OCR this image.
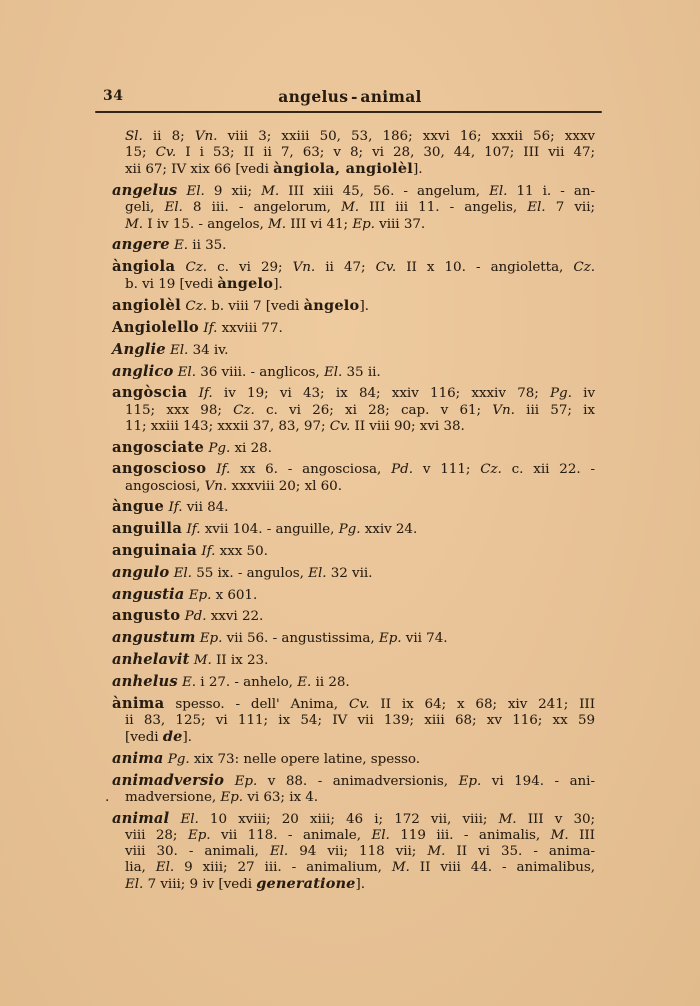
34	angelus - animal

Sl. ii 8; Vn. viii 3; xxiii 50, 53, 186; xxvi 16; xxxii 56; xxxv
15; Cv. I i 53; II ii 7, 63; v 8; vi 28, 30, 44, 107; III vii 47;
xii 67; IV xix 66 [vedi àngiola, angiolèl].

angelus El. 9 xii; M. III xiii 45, 56. - angelum, El. 11 i. - an-
geli, El. 8 iii. - angelorum, M. III iii 11. - angelis, El. 7 vii;
M. I iv 15. - angelos, M. III vi 41; Ep. viii 37.

angere E. ii 35.

àngiola Cz. c. vi 29; Vn. ii 47; Cv. II x 10. - angioletta, Cz.
b. vi 19 [vedi àngelo].

angiolèl Cz. b. viii 7 [vedi àngelo].

Angiolello If. xxviii 77.

Anglie El. 34 iv.

anglico El. 36 viii. - anglicos, El. 35 ii.

angòscia If. iv 19; vi 43; ix 84; xxiv 116; xxxiv 78; Pg. iv
115; xxx 98; Cz. c. vi 26; xi 28; cap. v 61; Vn. iii 57; ix
11; xxiii 143; xxxii 37, 83, 97; Cv. II viii 90; xvi 38.

angosciate Pg. xi 28.

angoscioso If. xx 6. - angosciosa, Pd. v 111; Cz. c. xii 22. -
angosciosi, Vn. xxxviii 20; xl 60.

àngue If. vii 84.

anguilla If. xvii 104. - anguille, Pg. xxiv 24.

anguinaia If. xxx 50.

angulo El. 55 ix. - angulos, El. 32 vii.

angustia Ep. x 601.

angusto Pd. xxvi 22.

angustum Ep. vii 56. - angustissima, Ep. vii 74.

anhelavit M. II ix 23.

anhelus E. i 27. - anhelo, E. ii 28.

ànima spesso. - dell' Anima, Cv. II ix 64; x 68; xiv 241; III
ii 83, 125; vi 111; ix 54; IV vii 139; xiii 68; xv 116; xx 59
[vedi de].

anima Pg. xix 73: nelle opere latine, spesso.

animadversio Ep. v 88. - animadversionis, Ep. vi 194. - ani-
. madversione, Ep. vi 63; ix 4.

animal El. 10 xviii; 20 xiii; 46 i; 172 vii, viii; M. III v 30;
viii 28; Ep. vii 118. - animale, El. 119 iii. - animalis, M. III
viii 30. - animali, El. 94 vii; 118 vii; M. II vi 35. - anima-
lia, El. 9 xiii; 27 iii. - animalium, M. II viii 44. - animalibus,
El. 7 viii; 9 iv [vedi generatione].
